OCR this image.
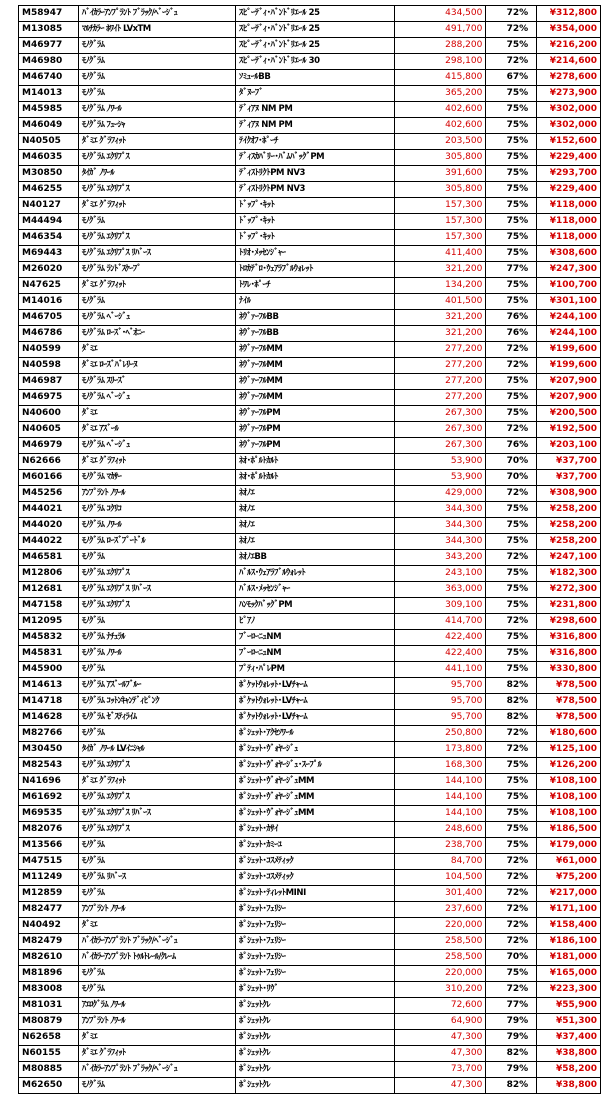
M58947	ﾊﾞｲｶﾗｰｱﾝﾌﾟﾗﾝﾄ ﾌﾞﾗｯｸ/ﾍﾞｰｼﾞｭ	ｽﾋﾟｰﾃﾞｨ･ﾊﾞﾝﾄﾞﾘｴｰﾙ 25	434,500	72%	¥312,800
M13085	ﾏﾙﾁｶﾗｰ ﾎﾜｲﾄ LVxTM	ｽﾋﾟｰﾃﾞｨ･ﾊﾞﾝﾄﾞﾘｴｰﾙ 25	491,700	72%	¥354,000
M46977	ﾓﾉｸﾞﾗﾑ	ｽﾋﾟｰﾃﾞｨ･ﾊﾞﾝﾄﾞﾘｴｰﾙ 25	288,200	75%	¥216,200
M46980	ﾓﾉｸﾞﾗﾑ	ｽﾋﾟｰﾃﾞｨ･ﾊﾞﾝﾄﾞﾘｴｰﾙ 30	298,100	72%	¥214,600
M46740	ﾓﾉｸﾞﾗﾑ	ｿﾐｭｰﾙBB	415,800	67%	¥278,600
M14013	ﾓﾉｸﾞﾗﾑ	ﾀﾞﾇｰﾌﾞ	365,200	75%	¥273,900
M45985	ﾓﾉｸﾞﾗﾑ ﾉﾜｰﾙ	ﾃﾞｨｱﾇ NM PM	402,600	75%	¥302,000
M46049	ﾓﾉｸﾞﾗﾑ ﾌｭｰｼｬ	ﾃﾞｨｱﾇ NM PM	402,600	75%	¥302,000
N40505	ﾀﾞﾐｴ ｸﾞﾗﾌｨｯﾄ	ﾃｲｸｵﾌ･ﾎﾟｰﾁ	203,500	75%	¥152,600
M46035	ﾓﾉｸﾞﾗﾑ ｴｸﾘﾌﾟｽ	ﾃﾞｨｽｶﾊﾞﾘｰ･ﾊﾞﾑﾊﾞｯｸﾞPM	305,800	75%	¥229,400
M30850	ﾀｲｶﾞ ﾉﾜｰﾙ	ﾃﾞｨｽﾄﾘｸﾄPM NV3	391,600	75%	¥293,700
M46255	ﾓﾉｸﾞﾗﾑ ｴｸﾘﾌﾟｽ	ﾃﾞｨｽﾄﾘｸﾄPM NV3	305,800	75%	¥229,400
N40127	ﾀﾞﾐｴ ｸﾞﾗﾌｨｯﾄ	ﾄﾞｯﾌﾟ･ｷｯﾄ	157,300	75%	¥118,000
M44494	ﾓﾉｸﾞﾗﾑ	ﾄﾞｯﾌﾟ･ｷｯﾄ	157,300	75%	¥118,000
M46354	ﾓﾉｸﾞﾗﾑ ｴｸﾘﾌﾟｽ	ﾄﾞｯﾌﾟ･ｷｯﾄ	157,300	75%	¥118,000
M69443	ﾓﾉｸﾞﾗﾑ ｴｸﾘﾌﾟｽ ﾘﾊﾞｰｽ	ﾄﾘｵ･ﾒｯｾﾝｼﾞｬｰ	411,400	75%	¥308,600
M26020	ﾓﾉｸﾞﾗﾑ ﾗﾝﾄﾞｽｹｰﾌﾟ	ﾄﾛｶﾃﾞﾛ･ｳｪｱﾗﾌﾞﾙｳｫﾚｯﾄ	321,200	77%	¥247,300
N47625	ﾀﾞﾐｴ ｸﾞﾗﾌｨｯﾄ	ﾄﾜﾚ･ﾎﾟｰﾁ	134,200	75%	¥100,700
M14016	ﾓﾉｸﾞﾗﾑ	ﾅｲﾙ	401,500	75%	¥301,100
M46705	ﾓﾉｸﾞﾗﾑ ﾍﾞｰｼﾞｭ	ﾈｳﾞｧｰﾌﾙBB	321,200	76%	¥244,100
M46786	ﾓﾉｸﾞﾗﾑ ﾛｰｽﾞ･ﾍﾞｵﾆｰ	ﾈｳﾞｧｰﾌﾙBB	321,200	76%	¥244,100
N40599	ﾀﾞﾐｴ	ﾈｳﾞｧｰﾌﾙMM	277,200	72%	¥199,600
N40598	ﾀﾞﾐｴ ﾛｰｽﾞﾊﾞﾚﾘｰﾇ	ﾈｳﾞｧｰﾌﾙMM	277,200	72%	¥199,600
M46987	ﾓﾉｸﾞﾗﾑ ｽﾘｰｽﾞ	ﾈｳﾞｧｰﾌﾙMM	277,200	75%	¥207,900
M46975	ﾓﾉｸﾞﾗﾑ ﾍﾞｰｼﾞｭ	ﾈｳﾞｧｰﾌﾙMM	277,200	75%	¥207,900
N40600	ﾀﾞﾐｴ	ﾈｳﾞｧｰﾌﾙPM	267,300	75%	¥200,500
N40605	ﾀﾞﾐｴ ｱｽﾞｰﾙ	ﾈｳﾞｧｰﾌﾙPM	267,300	72%	¥192,500
M46979	ﾓﾉｸﾞﾗﾑ ﾍﾞｰｼﾞｭ	ﾈｳﾞｧｰﾌﾙPM	267,300	76%	¥203,100
N62666	ﾀﾞﾐｴ ｸﾞﾗﾌｨｯﾄ	ﾈｵ･ﾎﾟﾙﾄｶﾙﾄ	53,900	70%	¥37,700
M60166	ﾓﾉｸﾞﾗﾑ ﾏｶｻｰ	ﾈｵ･ﾎﾟﾙﾄｶﾙﾄ	53,900	70%	¥37,700
M45256	ｱﾝﾌﾟﾗﾝﾄ ﾉﾜｰﾙ	ﾈｵﾉｴ	429,000	72%	¥308,900
M44021	ﾓﾉｸﾞﾗﾑ ｺｸﾘｺ	ﾈｵﾉｴ	344,300	75%	¥258,200
M44020	ﾓﾉｸﾞﾗﾑ ﾉﾜｰﾙ	ﾈｵﾉｴ	344,300	75%	¥258,200
M44022	ﾓﾉｸﾞﾗﾑ ﾛｰｽﾞﾌﾟｰﾄﾞﾙ	ﾈｵﾉｴ	344,300	75%	¥258,200
M46581	ﾓﾉｸﾞﾗﾑ	ﾈｵﾉｴBB	343,200	72%	¥247,100
M12806	ﾓﾉｸﾞﾗﾑ ｴｸﾘﾌﾟｽ	ﾊﾞﾙｽ･ｳｪｱﾗﾌﾞﾙｳｫﾚｯﾄ	243,100	75%	¥182,300
M12681	ﾓﾉｸﾞﾗﾑ ｴｸﾘﾌﾟｽ ﾘﾊﾞｰｽ	ﾊﾞﾙｽ･ﾒｯｾﾝｼﾞｬｰ	363,000	75%	¥272,300
M47158	ﾓﾉｸﾞﾗﾑ ｴｸﾘﾌﾟｽ	ﾊﾝﾓｯｸﾊﾞｯｸﾞPM	309,100	75%	¥231,800
M12095	ﾓﾉｸﾞﾗﾑ	ﾋﾟｱﾉ	414,700	72%	¥298,600
M45832	ﾓﾉｸﾞﾗﾑ ﾅﾁｭﾗﾙ	ﾌﾞｰﾛｰﾆｭNM	422,400	75%	¥316,800
M45831	ﾓﾉｸﾞﾗﾑ ﾉﾜｰﾙ	ﾌﾞｰﾛｰﾆｭNM	422,400	75%	¥316,800
M45900	ﾓﾉｸﾞﾗﾑ	ﾌﾟﾃｨ･ﾊﾟﾚPM	441,100	75%	¥330,800
M14613	ﾓﾉｸﾞﾗﾑ ｱｽﾞｰﾙﾌﾞﾙｰ	ﾎﾟｹｯﾄｳｫﾚｯﾄ･LVﾁｬｰﾑ	95,700	82%	¥78,500
M14718	ﾓﾉｸﾞﾗﾑ ｺｯﾄﾝｷｬﾝﾃﾞｨﾋﾟﾝｸ	ﾎﾟｹｯﾄｳｫﾚｯﾄ･LVﾁｬｰﾑ	95,700	82%	¥78,500
M14628	ﾓﾉｸﾞﾗﾑ ｾﾞｽﾃｨﾗｲﾑ	ﾎﾟｹｯﾄｳｫﾚｯﾄ･LVﾁｬｰﾑ	95,700	82%	¥78,500
M82766	ﾓﾉｸﾞﾗﾑ	ﾎﾟｼｪｯﾄ･ｱｸｾｿﾜｰﾙ	250,800	72%	¥180,600
M30450	ﾀｲｶﾞ ﾉﾜｰﾙ LVｲﾆｼｬﾙ	ﾎﾟｼｪｯﾄ･ｳﾞｫﾔｰｼﾞｭ	173,800	72%	¥125,100
M82543	ﾓﾉｸﾞﾗﾑ ｴｸﾘﾌﾟｽ	ﾎﾟｼｪｯﾄ･ｳﾞｫﾔｰｼﾞｭ･ｽｰﾌﾟﾙ	168,300	75%	¥126,200
N41696	ﾀﾞﾐｴ ｸﾞﾗﾌｨｯﾄ	ﾎﾟｼｪｯﾄ･ｳﾞｫﾔｰｼﾞｭMM	144,100	75%	¥108,100
M61692	ﾓﾉｸﾞﾗﾑ ｴｸﾘﾌﾟｽ	ﾎﾟｼｪｯﾄ･ｳﾞｫﾔｰｼﾞｭMM	144,100	75%	¥108,100
M69535	ﾓﾉｸﾞﾗﾑ ｴｸﾘﾌﾟｽ ﾘﾊﾞｰｽ	ﾎﾟｼｪｯﾄ･ｳﾞｫﾔｰｼﾞｭMM	144,100	75%	¥108,100
M82076	ﾓﾉｸﾞﾗﾑ ｴｸﾘﾌﾟｽ	ﾎﾟｼｪｯﾄ･ｶｻｲ	248,600	75%	¥186,500
M13566	ﾓﾉｸﾞﾗﾑ	ﾎﾟｼｪｯﾄ･ｶﾐｰﾕ	238,700	75%	¥179,000
M47515	ﾓﾉｸﾞﾗﾑ	ﾎﾟｼｪｯﾄ･ｺｽﾒﾃｨｯｸ	84,700	72%	¥61,000
M11249	ﾓﾉｸﾞﾗﾑ ﾘﾊﾞｰｽ	ﾎﾟｼｪｯﾄ･ｺｽﾒﾃｨｯｸ	104,500	72%	¥75,200
M12859	ﾓﾉｸﾞﾗﾑ	ﾎﾟｼｪｯﾄ･ﾃｨﾚｯﾄMINI	301,400	72%	¥217,000
M82477	ｱﾝﾌﾟﾗﾝﾄ ﾉﾜｰﾙ	ﾎﾟｼｪｯﾄ･ﾌｪﾘｼｰ	237,600	72%	¥171,100
N40492	ﾀﾞﾐｴ	ﾎﾟｼｪｯﾄ･ﾌｪﾘｼｰ	220,000	72%	¥158,400
M82479	ﾊﾞｲｶﾗｰｱﾝﾌﾟﾗﾝﾄ ﾌﾞﾗｯｸ/ﾍﾞｰｼﾞｭ	ﾎﾟｼｪｯﾄ･ﾌｪﾘｼｰ	258,500	72%	¥186,100
M82610	ﾊﾞｲｶﾗｰｱﾝﾌﾟﾗﾝﾄ ﾄｩﾙﾄﾚｰﾙ/ｸﾚｰﾑ	ﾎﾟｼｪｯﾄ･ﾌｪﾘｼｰ	258,500	70%	¥181,000
M81896	ﾓﾉｸﾞﾗﾑ	ﾎﾟｼｪｯﾄ･ﾌｪﾘｼｰ	220,000	75%	¥165,000
M83008	ﾓﾉｸﾞﾗﾑ	ﾎﾟｼｪｯﾄ･ﾘｳﾞ	310,200	72%	¥223,300
M81031	ｱｴﾛｸﾞﾗﾑ ﾉﾜｰﾙ	ﾎﾟｼｪｯﾄｸﾚ	72,600	77%	¥55,900
M80879	ｱﾝﾌﾟﾗﾝﾄ ﾉﾜｰﾙ	ﾎﾟｼｪｯﾄｸﾚ	64,900	79%	¥51,300
N62658	ﾀﾞﾐｴ	ﾎﾟｼｪｯﾄｸﾚ	47,300	79%	¥37,400
N60155	ﾀﾞﾐｴ ｸﾞﾗﾌｨｯﾄ	ﾎﾟｼｪｯﾄｸﾚ	47,300	82%	¥38,800
M80885	ﾊﾞｲｶﾗｰｱﾝﾌﾟﾗﾝﾄ ﾌﾞﾗｯｸ/ﾍﾞｰｼﾞｭ	ﾎﾟｼｪｯﾄｸﾚ	73,700	79%	¥58,200
M62650	ﾓﾉｸﾞﾗﾑ	ﾎﾟｼｪｯﾄｸﾚ	47,300	82%	¥38,800
